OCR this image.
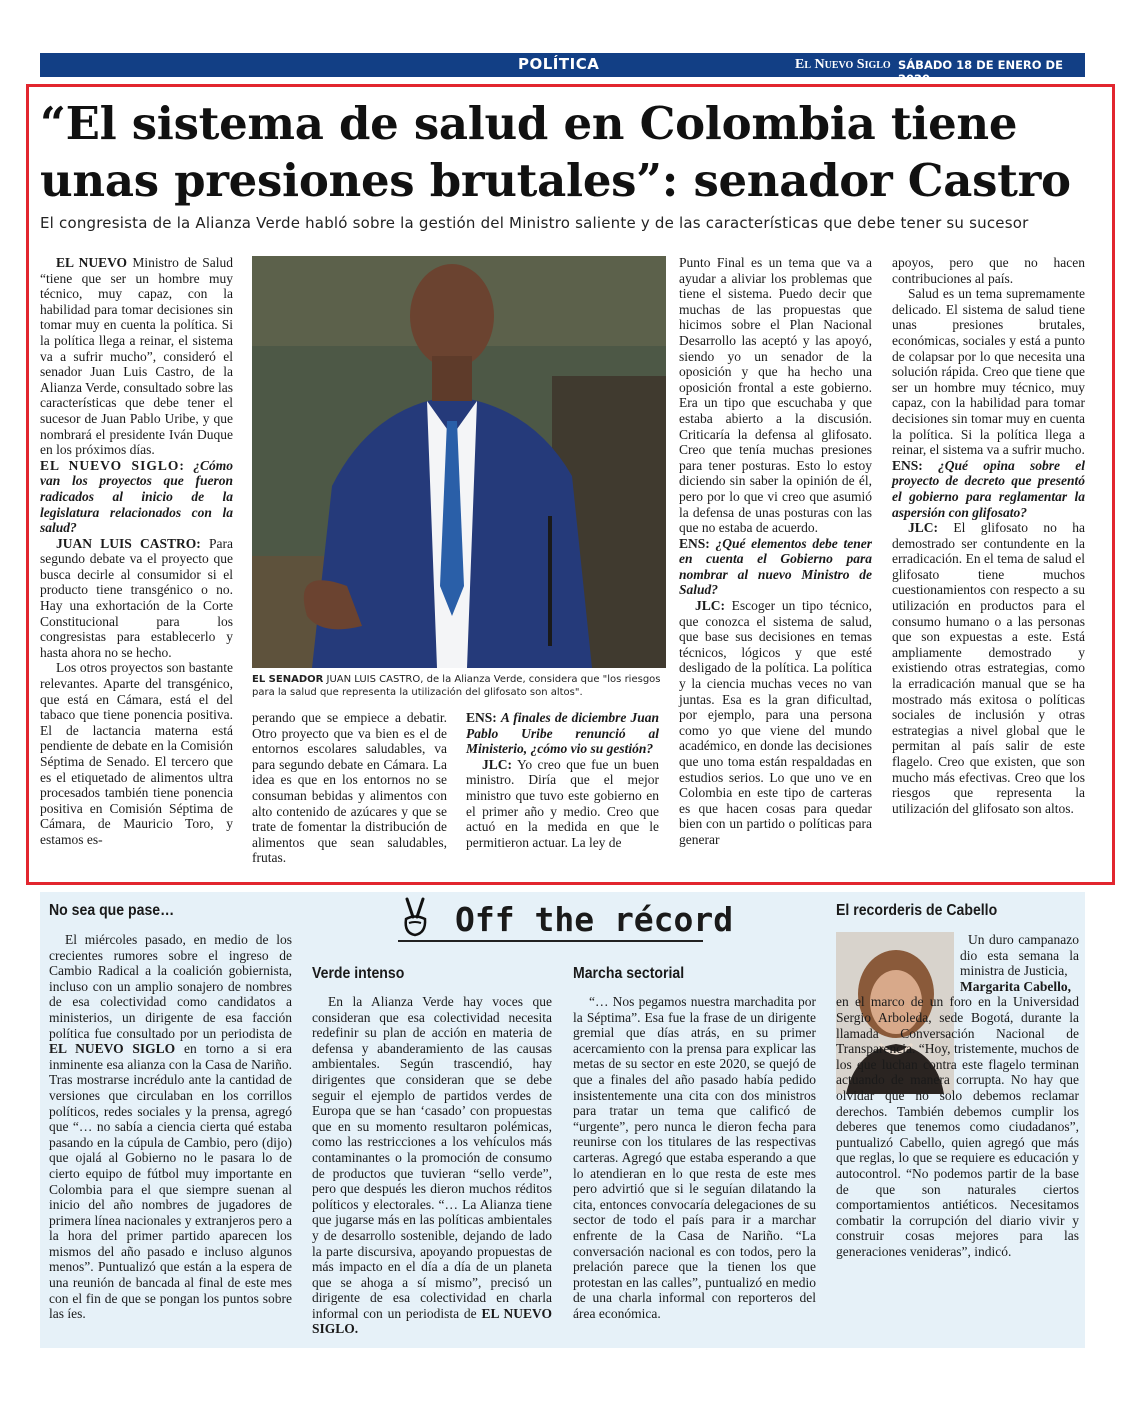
POLÍTICA	El Nuevo Siglo SÁBADO 18 DE ENERO DE 2020
13A
“El sistema de salud en Colombia tiene unas presiones brutales”: senador Castro
El congresista de la Alianza Verde habló sobre la gestión del Ministro saliente y de las características que debe tener su sucesor

EL NUEVO Ministro de Salud “tiene que ser un hombre muy técnico, muy capaz, con la habilidad para tomar decisiones sin tomar muy en cuenta la política. Si la política llega a reinar, el sistema va a sufrir mucho”, consideró el senador Juan Luis Castro, de la Alianza Verde, consultado sobre las características que debe tener el sucesor de Juan Pablo Uribe, y que nombrará el presidente Iván Duque en los próximos días.

EL NUEVO SIGLO: ¿Cómo van los proyectos que fueron radicados al inicio de la legislatura relacionados con la salud?

JUAN LUIS CASTRO: Para segundo debate va el proyecto que busca decirle al consumidor si el producto tiene transgénico o no. Hay una exhortación de la Corte Constitucional para los congresistas para establecerlo y hasta ahora no se hecho.

Los otros proyectos son bastante relevantes. Aparte del transgénico, que está en Cámara, está el del tabaco que tiene ponencia positiva. El de lactancia materna está pendiente de debate en la Comisión Séptima de Senado. El tercero que es el etiquetado de alimentos ultra procesados también tiene ponencia positiva en Comisión Séptima de Cámara, de Mauricio Toro, y estamos es-

EL SENADOR JUAN LUIS CASTRO, de la Alianza Verde, considera que "los riesgos para la salud que representa la utilización del glifosato son altos".

perando que se empiece a debatir. Otro proyecto que va bien es el de entornos escolares saludables, va para segundo debate en Cámara. La idea es que en los entornos no se consuman bebidas y alimentos con alto contenido de azúcares y que se trate de fomentar la distribución de alimentos que sean saludables, frutas.

ENS: A finales de diciembre Juan Pablo Uribe renunció al Ministerio, ¿cómo vio su gestión?

JLC: Yo creo que fue un buen ministro. Diría que el mejor ministro que tuvo este gobierno en el primer año y medio. Creo que actuó en la medida en que le permitieron actuar. La ley de

Punto Final es un tema que va a ayudar a aliviar los problemas que tiene el sistema. Puedo decir que muchas de las propuestas que hicimos sobre el Plan Nacional Desarrollo las aceptó y las apoyó, siendo yo un senador de la oposición y que ha hecho una oposición frontal a este gobierno. Era un tipo que escuchaba y que estaba abierto a la discusión. Criticaría la defensa al glifosato. Creo que tenía muchas presiones para tener posturas. Esto lo estoy diciendo sin saber la opinión de él, pero por lo que vi creo que asumió la defensa de unas posturas con las que no estaba de acuerdo.

ENS: ¿Qué elementos debe tener en cuenta el Gobierno para nombrar al nuevo Ministro de Salud?

JLC: Escoger un tipo técnico, que conozca el sistema de salud, que base sus decisiones en temas técnicos, lógicos y que esté desligado de la política. La política y la ciencia muchas veces no van juntas. Esa es la gran dificultad, por ejemplo, para una persona como yo que viene del mundo académico, en donde las decisiones que uno toma están respaldadas en estudios serios. Lo que uno ve en Colombia en este tipo de carteras es que hacen cosas para quedar bien con un partido o políticas para generar

apoyos, pero que no hacen contribuciones al país.

Salud es un tema supremamente delicado. El sistema de salud tiene unas presiones brutales, económicas, sociales y está a punto de colapsar por lo que necesita una solución rápida. Creo que tiene que ser un hombre muy técnico, muy capaz, con la habilidad para tomar decisiones sin tomar muy en cuenta la política. Si la política llega a reinar, el sistema va a sufrir mucho.

ENS: ¿Qué opina sobre el proyecto de decreto que presentó el gobierno para reglamentar la aspersión con glifosato?

JLC: El glifosato no ha demostrado ser contundente en la erradicación. En el tema de salud el glifosato tiene muchos cuestionamientos con respecto a su utilización en productos para el consumo humano o a las personas que son expuestas a este. Está ampliamente demostrado y existiendo otras estrategias, como la erradicación manual que se ha mostrado más exitosa o políticas sociales de inclusión y otras estrategias a nivel global que le permitan al país salir de este flagelo. Creo que existen, que son mucho más efectivas. Creo que los riesgos que representa la utilización del glifosato son altos.

Off the récord
No sea que pase…

El miércoles pasado, en medio de los crecientes rumores sobre el ingreso de Cambio Radical a la coalición gobiernista, incluso con un amplio sonajero de nombres de esa colectividad como candidatos a ministerios, un dirigente de esa facción política fue consultado por un periodista de EL NUEVO SIGLO en torno a si era inminente esa alianza con la Casa de Nariño. Tras mostrarse incrédulo ante la cantidad de versiones que circulaban en los corrillos políticos, redes sociales y la prensa, agregó que “… no sabía a ciencia cierta qué estaba pasando en la cúpula de Cambio, pero (dijo) que ojalá al Gobierno no le pasara lo de cierto equipo de fútbol muy importante en Colombia para el que siempre suenan al inicio del año nombres de jugadores de primera línea nacionales y extranjeros pero a la hora del primer partido aparecen los mismos del año pasado e incluso algunos menos”. Puntualizó que están a la espera de una reunión de bancada al final de este mes con el fin de que se pongan los puntos sobre las íes.

Verde intenso

En la Alianza Verde hay voces que consideran que esa colectividad necesita redefinir su plan de acción en materia de defensa y abanderamiento de las causas ambientales. Según trascendió, hay dirigentes que consideran que se debe seguir el ejemplo de partidos verdes de Europa que se han ‘casado’ con propuestas que en su momento resultaron polémicas, como las restricciones a los vehículos más contaminantes o la promoción de consumo de productos que tuvieran “sello verde”, pero que después les dieron muchos réditos políticos y electorales. “… La Alianza tiene que jugarse más en las políticas ambientales y de desarrollo sostenible, dejando de lado la parte discursiva, apoyando propuestas de más impacto en el día a día de un planeta que se ahoga a sí mismo”, precisó un dirigente de esa colectividad en charla informal con un periodista de EL NUEVO SIGLO.

Marcha sectorial

“… Nos pegamos nuestra marchadita por la Séptima”. Esa fue la frase de un dirigente gremial que días atrás, en su primer acercamiento con la prensa para explicar las metas de su sector en este 2020, se quejó de que a finales del año pasado había pedido insistentemente una cita con dos ministros para tratar un tema que calificó de “urgente”, pero nunca le dieron fecha para reunirse con los titulares de las respectivas carteras. Agregó que estaba esperando a que lo atendieran en lo que resta de este mes pero advirtió que si le seguían dilatando la cita, entonces convocaría delegaciones de su sector de todo el país para ir a marchar enfrente de la Casa de Nariño. “La conversación nacional es con todos, pero la prelación parece que la tienen los que protestan en las calles”, puntualizó en medio de una charla informal con reporteros del área económica.

El recorderis de Cabello

Un duro campanazo dio esta semana la ministra de Justicia,

Margarita Cabello,

en el marco de un foro en la Universidad Sergio Arboleda, sede Bogotá, durante la llamada Conversación Nacional de Transparencia. “Hoy, tristemente, muchos de los que luchan contra este flagelo terminan actuando de manera corrupta. No hay que olvidar que no solo debemos reclamar derechos. También debemos cumplir los deberes que tenemos como ciudadanos”, puntualizó Cabello, quien agregó que más que reglas, lo que se requiere es educación y autocontrol. “No podemos partir de la base de que son naturales ciertos comportamientos antiéticos. Necesitamos combatir la corrupción del diario vivir y construir cosas mejores para las generaciones venideras”, indicó.
